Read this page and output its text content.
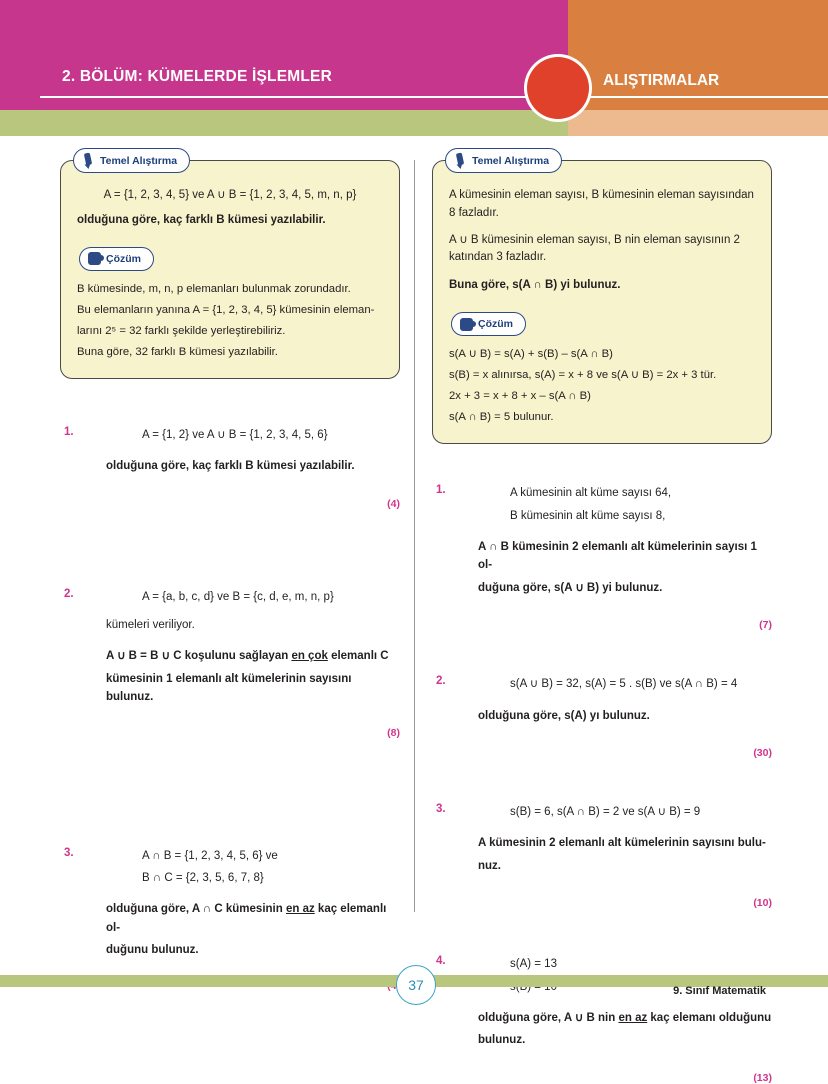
2. BÖLÜM: KÜMELERDE İŞLEMLER	ALIŞTIRMALAR
Temel Alıştırma

A = {1, 2, 3, 4, 5} ve A ∪ B = {1, 2, 3, 4, 5, m, n, p}

olduğuna göre, kaç farklı B kümesi yazılabilir.

Çözüm

B kümesinde, m, n, p elemanları bulunmak zorundadır.

Bu elemanların yanına A = {1, 2, 3, 4, 5} kümesinin eleman-

larını 2⁵ = 32 farklı şekilde yerleştirebiliriz.

Buna göre, 32 farklı B kümesi yazılabilir.

1.	A = {1, 2} ve A ∪ B = {1, 2, 3, 4, 5, 6}

olduğuna göre, kaç farklı B kümesi yazılabilir.

(4)
2.	A = {a, b, c, d} ve B = {c, d, e, m, n, p}

kümeleri veriliyor.

A ∪ B = B ∪ C koşulunu sağlayan en çok elemanlı C

kümesinin 1 elemanlı alt kümelerinin sayısını bulunuz.

(8)
3.	A ∩ B = {1, 2, 3, 4, 5, 6} ve

B ∩ C = {2, 3, 5, 6, 7, 8}

olduğuna göre, A ∩ C kümesinin en az kaç elemanlı ol-

duğunu bulunuz.

Temel Alıştırma

A kümesinin eleman sayısı, B kümesinin eleman sayısından

8 fazladır.

A ∪ B kümesinin eleman sayısı, B nin eleman sayısının 2

katından 3 fazladır.

Buna göre, s(A ∩ B) yi bulunuz.

Çözüm

s(A ∪ B) = s(A) + s(B) – s(A ∩ B)

s(B) = x alınırsa, s(A) = x + 8 ve s(A ∪ B) = 2x + 3 tür.

2x + 3 = x + 8 + x – s(A ∩ B)

s(A ∩ B) = 5 bulunur.

1.	A kümesinin alt küme sayısı 64,

B kümesinin alt küme sayısı 8,

A ∩ B kümesinin 2 elemanlı alt kümelerinin sayısı 1 ol-

duğuna göre, s(A ∪ B) yi bulunuz.

(7)
2.	s(A ∪ B) = 32, s(A) = 5 . s(B) ve s(A ∩ B) = 4

olduğuna göre, s(A) yı bulunuz.

(30)
3.	s(B) = 6, s(A ∩ B) = 2 ve s(A ∪ B) = 9

A kümesinin 2 elemanlı alt kümelerinin sayısını bulu-

nuz.

(10)
4.	s(A) = 13

olduğuna göre, A ∪ B nin en az kaç elemanı olduğunu

bulunuz.

(13)
37	9. Sınıf Matematik
